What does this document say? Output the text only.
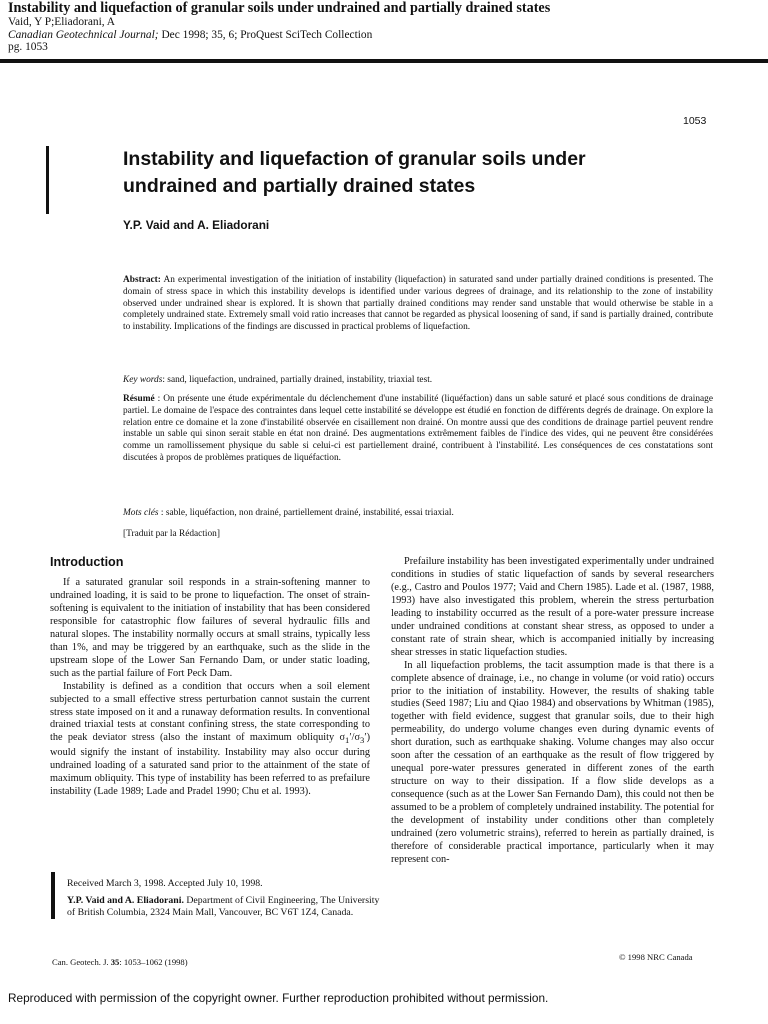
Instability and liquefaction of granular soils under undrained and partially drained states
Vaid, Y P;Eliadorani, A
Canadian Geotechnical Journal; Dec 1998; 35, 6; ProQuest SciTech Collection
pg. 1053
1053
Instability and liquefaction of granular soils under undrained and partially drained states
Y.P. Vaid and A. Eliadorani
Abstract: An experimental investigation of the initiation of instability (liquefaction) in saturated sand under partially drained conditions is presented. The domain of stress space in which this instability develops is identified under various degrees of drainage, and its relationship to the zone of instability observed under undrained shear is explored. It is shown that partially drained conditions may render sand unstable that would otherwise be stable in a completely undrained state. Extremely small void ratio increases that cannot be regarded as physical loosening of sand, if sand is partially drained, contribute to instability. Implications of the findings are discussed in practical problems of liquefaction.
Key words: sand, liquefaction, undrained, partially drained, instability, triaxial test.
Résumé : On présente une étude expérimentale du déclenchement d'une instabilité (liquéfaction) dans un sable saturé et placé sous conditions de drainage partiel. Le domaine de l'espace des contraintes dans lequel cette instabilité se développe est étudié en fonction de différents degrés de drainage. On explore la relation entre ce domaine et la zone d'instabilité observée en cisaillement non drainé. On montre aussi que des conditions de drainage partiel peuvent rendre instable un sable qui sinon serait stable en état non drainé. Des augmentations extrêmement faibles de l'indice des vides, qui ne peuvent être considérées comme un ramollissement physique du sable si celui-ci est partiellement drainé, contribuent à l'instabilité. Les conséquences de ces constatations sont discutées à propos de problèmes pratiques de liquéfaction.
Mots clés : sable, liquéfaction, non drainé, partiellement drainé, instabilité, essai triaxial.
[Traduit par la Rédaction]
Introduction

If a saturated granular soil responds in a strain-softening manner to undrained loading, it is said to be prone to liquefaction. The onset of strain-softening is equivalent to the initiation of instability that has been considered responsible for catastrophic flow failures of several hydraulic fills and natural slopes. The instability normally occurs at small strains, typically less than 1%, and may be triggered by an earthquake, such as the slide in the upstream slope of the Lower San Fernando Dam, or under static loading, such as the partial failure of Fort Peck Dam.

Instability is defined as a condition that occurs when a soil element subjected to a small effective stress perturbation cannot sustain the current stress state imposed on it and a runaway deformation results. In conventional drained triaxial tests at constant confining stress, the state corresponding to the peak deviator stress (also the instant of maximum obliquity $\sigma_1'/\sigma_3'$) would signify the instant of instability. Instability may also occur during undrained loading of a saturated sand prior to the attainment of the state of maximum obliquity. This type of instability has been referred to as prefailure instability (Lade 1989; Lade and Pradel 1990; Chu et al. 1993).

Prefailure instability has been investigated experimentally under undrained conditions in studies of static liquefaction of sands by several researchers (e.g., Castro and Poulos 1977; Vaid and Chern 1985). Lade et al. (1987, 1988, 1993) have also investigated this problem, wherein the stress perturbation leading to instability occurred as the result of a pore-water pressure increase under undrained conditions at constant shear stress, as opposed to under a constant rate of strain shear, which is accompanied initially by increasing shear stresses in static liquefaction studies.

In all liquefaction problems, the tacit assumption made is that there is a complete absence of drainage, i.e., no change in volume (or void ratio) occurs prior to the initiation of instability. However, the results of shaking table studies (Seed 1987; Liu and Qiao 1984) and observations by Whitman (1985), together with field evidence, suggest that granular soils, due to their high permeability, do undergo volume changes even during dynamic events of short duration, such as earthquake shaking. Volume changes may also occur soon after the cessation of an earthquake as the result of flow triggered by unequal pore-water pressures generated in different zones of the earth structure on way to their dissipation. If a flow slide develops as a consequence (such as at the Lower San Fernando Dam), this could not then be assumed to be a problem of completely undrained instability. The potential for the development of instability under conditions other than completely undrained (zero volumetric strains), referred to herein as partially drained, is therefore of considerable practical importance, particularly when it may represent con-

Received March 3, 1998. Accepted July 10, 1998.
Y.P. Vaid and A. Eliadorani. Department of Civil Engineering, The University of British Columbia, 2324 Main Mall, Vancouver, BC V6T 1Z4, Canada.
Can. Geotech. J. 35: 1053–1062 (1998)	© 1998 NRC Canada
Reproduced with permission of the copyright owner. Further reproduction prohibited without permission.
